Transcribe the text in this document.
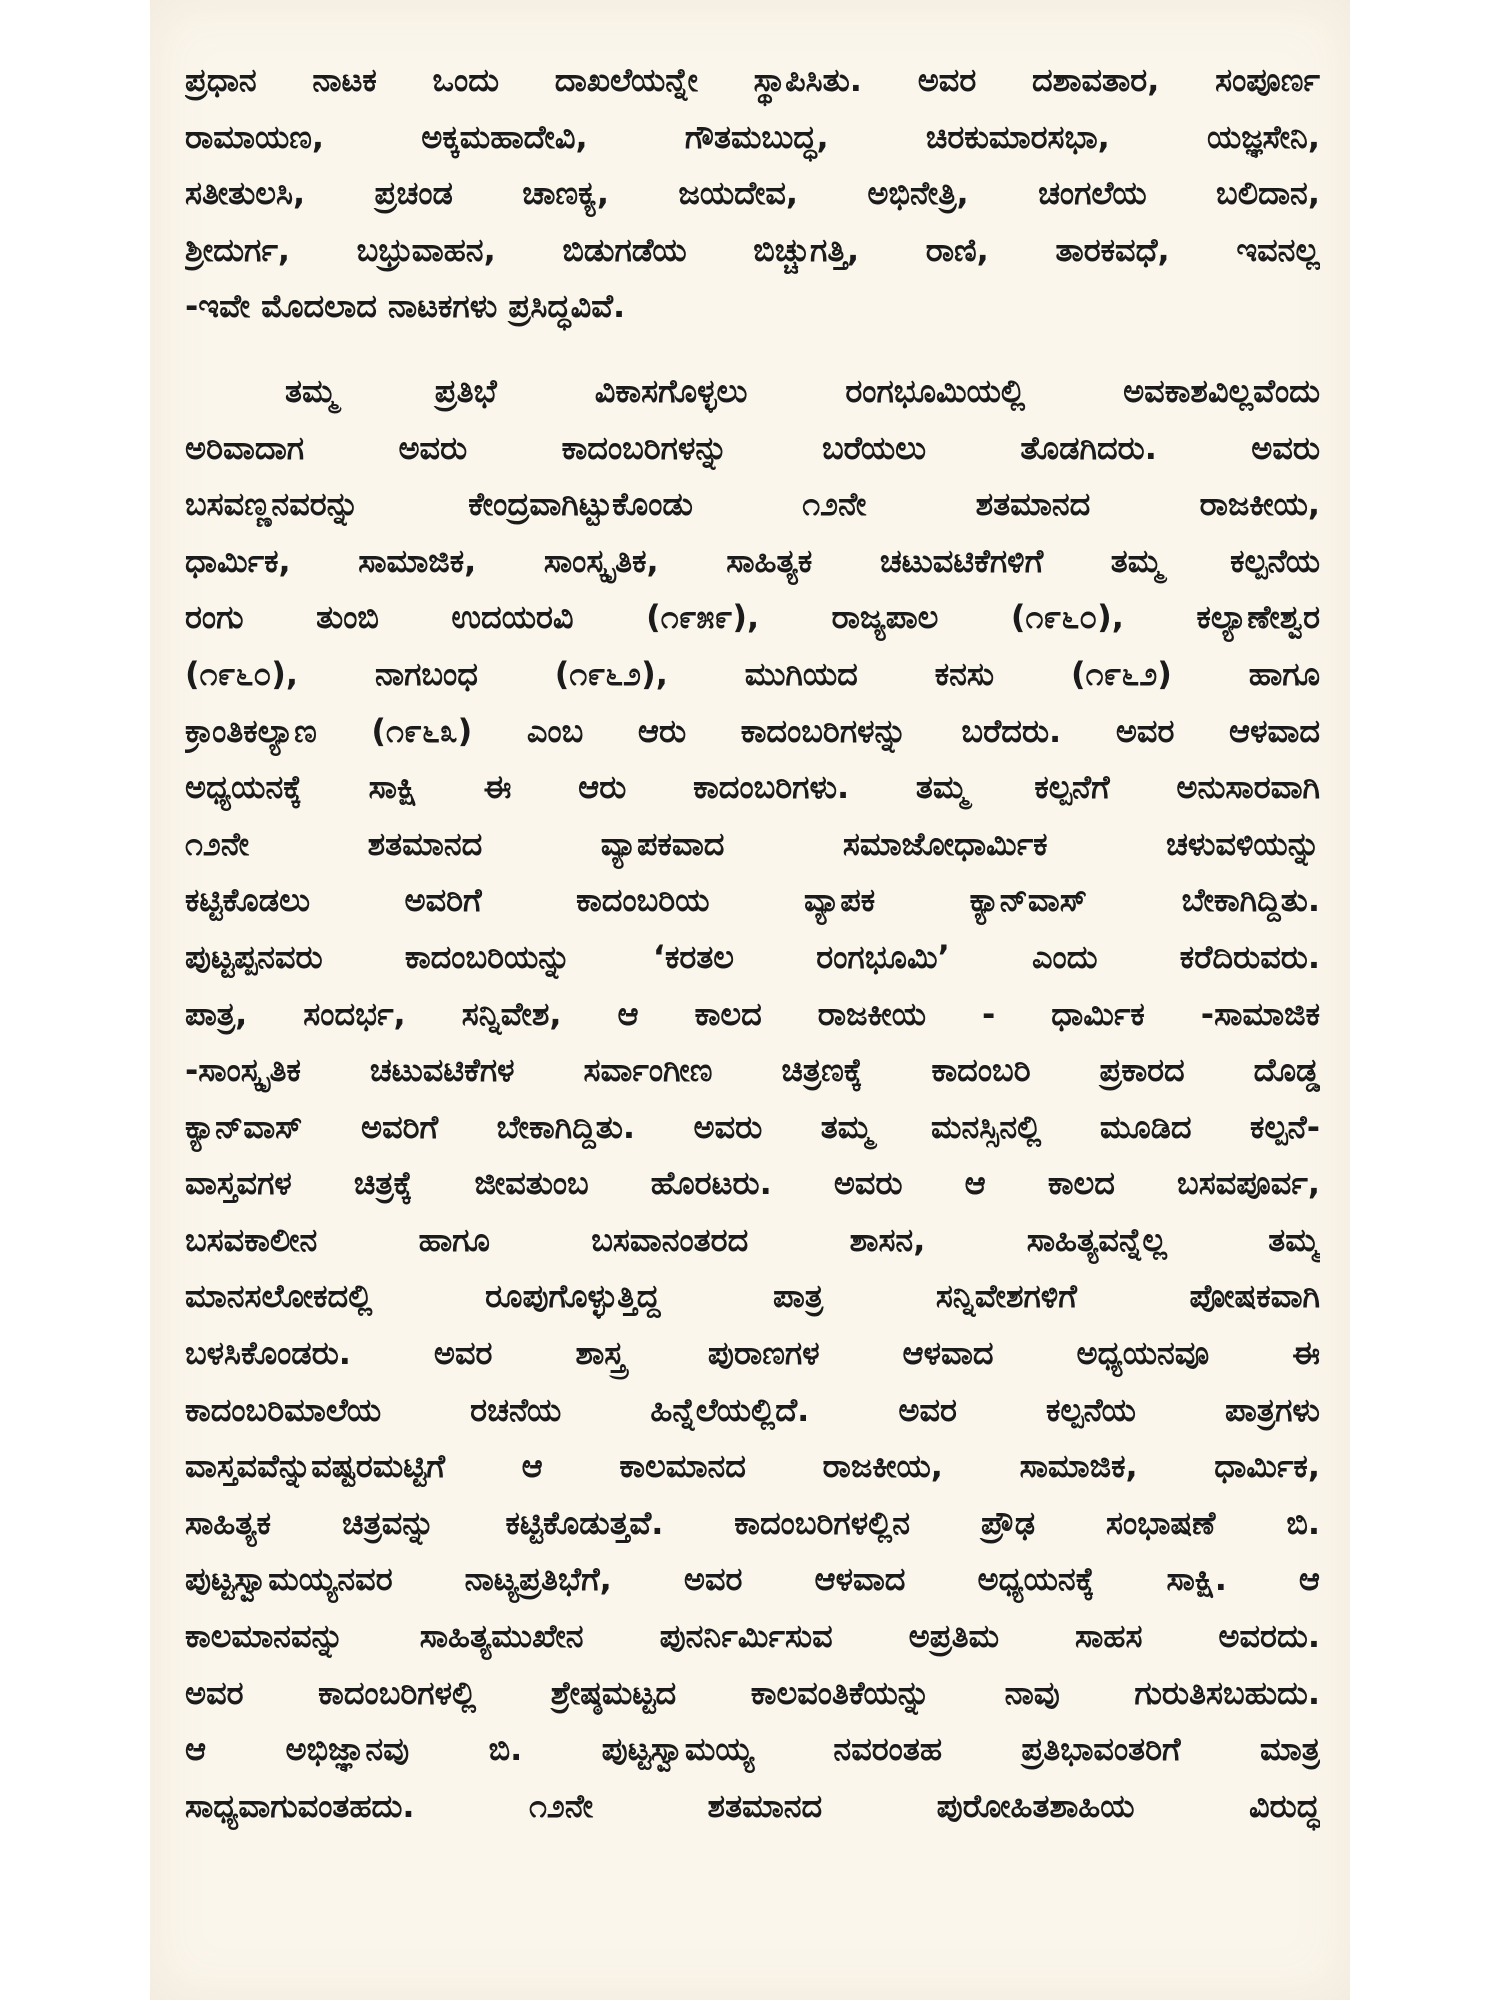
ಪ್ರಧಾನ ನಾಟಕ ಒಂದು ದಾಖಲೆಯನ್ನೇ ಸ್ಥಾಪಿಸಿತು. ಅವರ ದಶಾವತಾರ, ಸಂಪೂರ್ಣ
ರಾಮಾಯಣ, ಅಕ್ಕಮಹಾದೇವಿ, ಗೌತಮಬುದ್ಧ, ಚಿರಕುಮಾರಸಭಾ, ಯಜ್ಞಸೇನಿ,
ಸತೀತುಲಸಿ, ಪ್ರಚಂಡ ಚಾಣಕ್ಯ, ಜಯದೇವ, ಅಭಿನೇತ್ರಿ, ಚಂಗಲೆಯ ಬಲಿದಾನ,
ಶ್ರೀದುರ್ಗ, ಬಭ್ರುವಾಹನ, ಬಿಡುಗಡೆಯ ಬಿಚ್ಚುಗತ್ತಿ, ರಾಣಿ, ತಾರಕವಧೆ, ಇವನಲ್ಲ
-ಇವೇ ಮೊದಲಾದ ನಾಟಕಗಳು ಪ್ರಸಿದ್ಧವಿವೆ.
ತಮ್ಮ ಪ್ರತಿಭೆ ವಿಕಾಸಗೊಳ್ಳಲು ರಂಗಭೂಮಿಯಲ್ಲಿ ಅವಕಾಶವಿಲ್ಲವೆಂದು
ಅರಿವಾದಾಗ ಅವರು ಕಾದಂಬರಿಗಳನ್ನು ಬರೆಯಲು ತೊಡಗಿದರು. ಅವರು
ಬಸವಣ್ಣನವರನ್ನು ಕೇಂದ್ರವಾಗಿಟ್ಟುಕೊಂಡು ೧೨ನೇ ಶತಮಾನದ ರಾಜಕೀಯ,
ಧಾರ್ಮಿಕ, ಸಾಮಾಜಿಕ, ಸಾಂಸ್ಕೃತಿಕ, ಸಾಹಿತ್ಯಕ ಚಟುವಟಿಕೆಗಳಿಗೆ ತಮ್ಮ ಕಲ್ಪನೆಯ
ರಂಗು ತುಂಬಿ ಉದಯರವಿ (೧೯೫೯), ರಾಜ್ಯಪಾಲ (೧೯೬೦), ಕಲ್ಯಾಣೇಶ್ವರ
(೧೯೬೦), ನಾಗಬಂಧ (೧೯೬೨), ಮುಗಿಯದ ಕನಸು (೧೯೬೨) ಹಾಗೂ
ಕ್ರಾಂತಿಕಲ್ಯಾಣ (೧೯೬೩) ಎಂಬ ಆರು ಕಾದಂಬರಿಗಳನ್ನು ಬರೆದರು. ಅವರ ಆಳವಾದ
ಅಧ್ಯಯನಕ್ಕೆ ಸಾಕ್ಷಿ ಈ ಆರು ಕಾದಂಬರಿಗಳು. ತಮ್ಮ ಕಲ್ಪನೆಗೆ ಅನುಸಾರವಾಗಿ
೧೨ನೇ ಶತಮಾನದ ವ್ಯಾಪಕವಾದ ಸಮಾಜೋಧಾರ್ಮಿಕ ಚಳುವಳಿಯನ್ನು
ಕಟ್ಟಿಕೊಡಲು ಅವರಿಗೆ ಕಾದಂಬರಿಯ ವ್ಯಾಪಕ ಕ್ಯಾನ್‌ವಾಸ್ ಬೇಕಾಗಿದ್ದಿತು.
ಪುಟ್ಟಪ್ಪನವರು ಕಾದಂಬರಿಯನ್ನು ‘ಕರತಲ ರಂಗಭೂಮಿ’ ಎಂದು ಕರೆದಿರುವರು.
ಪಾತ್ರ, ಸಂದರ್ಭ, ಸನ್ನಿವೇಶ, ಆ ಕಾಲದ ರಾಜಕೀಯ - ಧಾರ್ಮಿಕ -ಸಾಮಾಜಿಕ
-ಸಾಂಸ್ಕೃತಿಕ ಚಟುವಟಿಕೆಗಳ ಸರ್ವಾಂಗೀಣ ಚಿತ್ರಣಕ್ಕೆ ಕಾದಂಬರಿ ಪ್ರಕಾರದ ದೊಡ್ಡ
ಕ್ಯಾನ್‌ವಾಸ್ ಅವರಿಗೆ ಬೇಕಾಗಿದ್ದಿತು. ಅವರು ತಮ್ಮ ಮನಸ್ಸಿನಲ್ಲಿ ಮೂಡಿದ ಕಲ್ಪನೆ-
ವಾಸ್ತವಗಳ ಚಿತ್ರಕ್ಕೆ ಜೀವತುಂಬ ಹೊರಟರು. ಅವರು ಆ ಕಾಲದ ಬಸವಪೂರ್ವ,
ಬಸವಕಾಲೀನ ಹಾಗೂ ಬಸವಾನಂತರದ ಶಾಸನ, ಸಾಹಿತ್ಯವನ್ನೆಲ್ಲ ತಮ್ಮ
ಮಾನಸಲೋಕದಲ್ಲಿ ರೂಪುಗೊಳ್ಳುತ್ತಿದ್ದ ಪಾತ್ರ ಸನ್ನಿವೇಶಗಳಿಗೆ ಪೋಷಕವಾಗಿ
ಬಳಸಿಕೊಂಡರು. ಅವರ ಶಾಸ್ತ್ರ ಪುರಾಣಗಳ ಆಳವಾದ ಅಧ್ಯಯನವೂ ಈ
ಕಾದಂಬರಿಮಾಲೆಯ ರಚನೆಯ ಹಿನ್ನೆಲೆಯಲ್ಲಿದೆ. ಅವರ ಕಲ್ಪನೆಯ ಪಾತ್ರಗಳು
ವಾಸ್ತವವೆನ್ನುವಷ್ಟರಮಟ್ಟಿಗೆ ಆ ಕಾಲಮಾನದ ರಾಜಕೀಯ, ಸಾಮಾಜಿಕ, ಧಾರ್ಮಿಕ,
ಸಾಹಿತ್ಯಕ ಚಿತ್ರವನ್ನು ಕಟ್ಟಿಕೊಡುತ್ತವೆ. ಕಾದಂಬರಿಗಳಲ್ಲಿನ ಪ್ರೌಢ ಸಂಭಾಷಣೆ ಬಿ.
ಪುಟ್ಟಸ್ವಾಮಯ್ಯನವರ ನಾಟ್ಯಪ್ರತಿಭೆಗೆ, ಅವರ ಆಳವಾದ ಅಧ್ಯಯನಕ್ಕೆ ಸಾಕ್ಷಿ. ಆ
ಕಾಲಮಾನವನ್ನು ಸಾಹಿತ್ಯಮುಖೇನ ಪುನರ್ನಿರ್ಮಿಸುವ ಅಪ್ರತಿಮ ಸಾಹಸ ಅವರದು.
ಅವರ ಕಾದಂಬರಿಗಳಲ್ಲಿ ಶ್ರೇಷ್ಠಮಟ್ಟದ ಕಾಲವಂತಿಕೆಯನ್ನು ನಾವು ಗುರುತಿಸಬಹುದು.
ಆ ಅಭಿಜ್ಞಾನವು ಬಿ. ಪುಟ್ಟಸ್ವಾಮಯ್ಯ ನವರಂತಹ ಪ್ರತಿಭಾವಂತರಿಗೆ ಮಾತ್ರ
ಸಾಧ್ಯವಾಗುವಂತಹದು. ೧೨ನೇ ಶತಮಾನದ ಪುರೋಹಿತಶಾಹಿಯ ವಿರುದ್ಧ
